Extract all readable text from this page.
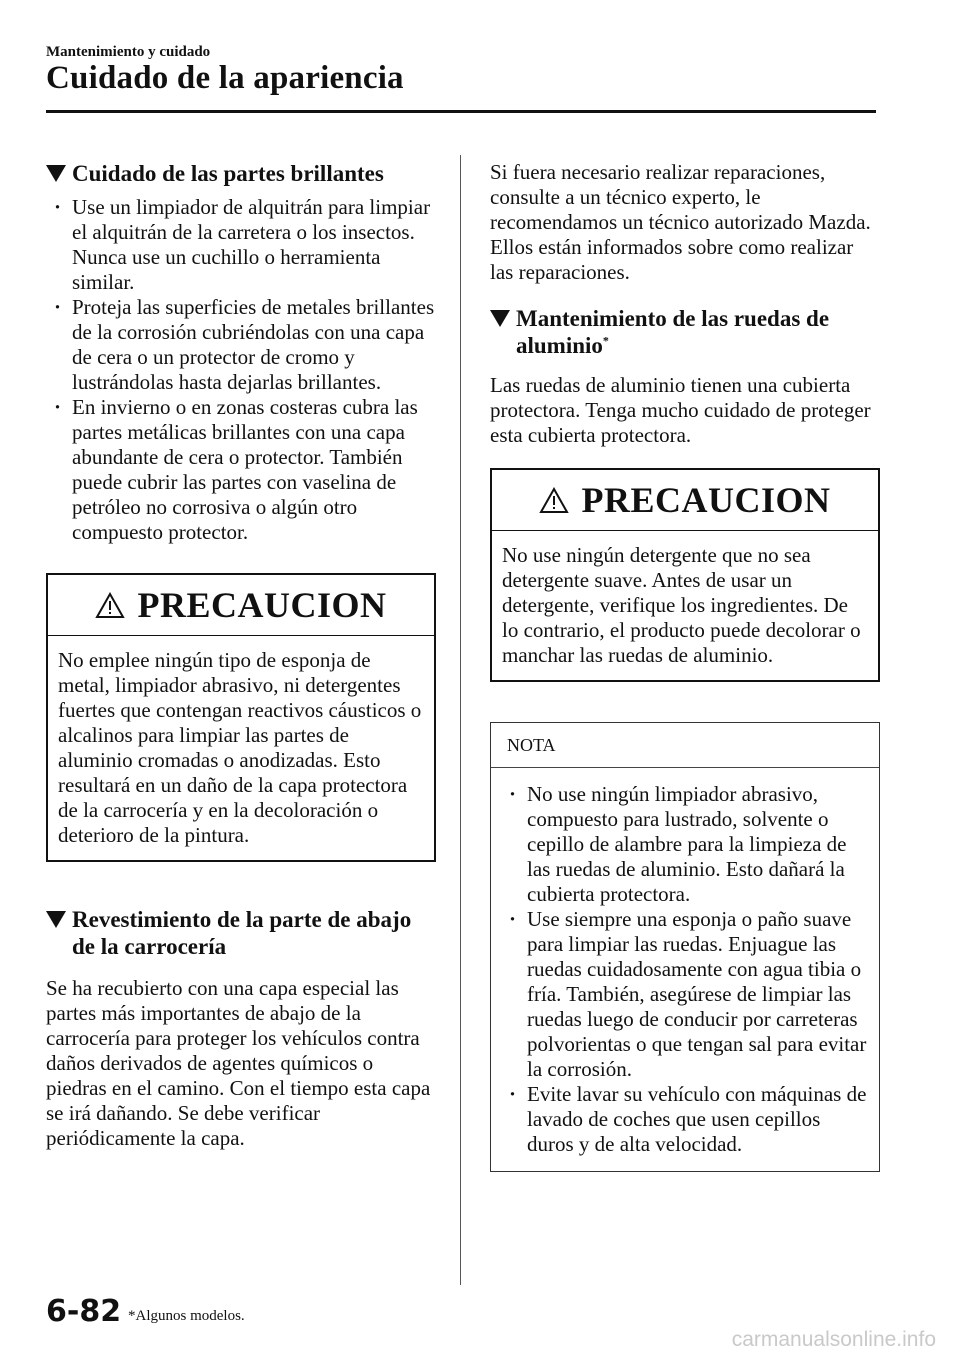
Mantenimiento y cuidado
Cuidado de la apariencia
Cuidado de las partes brillantes
· Use un limpiador de alquitrán para limpiar el alquitrán de la carretera o los insectos. Nunca use un cuchillo o herramienta similar.
· Proteja las superficies de metales brillantes de la corrosión cubriéndolas con una capa de cera o un protector de cromo y lustrándolas hasta dejarlas brillantes.
· En invierno o en zonas costeras cubra las partes metálicas brillantes con una capa abundante de cera o protector. También puede cubrir las partes con vaselina de petróleo no corrosiva o algún otro compuesto protector.
PRECAUCION
No emplee ningún tipo de esponja de metal, limpiador abrasivo, ni detergentes fuertes que contengan reactivos cáusticos o alcalinos para limpiar las partes de aluminio cromadas o anodizadas. Esto resultará en un daño de la capa protectora de la carrocería y en la decoloración o deterioro de la pintura.
Revestimiento de la parte de abajo de la carrocería

Se ha recubierto con una capa especial las partes más importantes de abajo de la carrocería para proteger los vehículos contra daños derivados de agentes químicos o piedras en el camino. Con el tiempo esta capa se irá dañando. Se debe verificar periódicamente la capa.

Si fuera necesario realizar reparaciones, consulte a un técnico experto, le recomendamos un técnico autorizado Mazda. Ellos están informados sobre como realizar las reparaciones.

Mantenimiento de las ruedas de aluminio*

Las ruedas de aluminio tienen una cubierta protectora. Tenga mucho cuidado de proteger esta cubierta protectora.

PRECAUCION
No use ningún detergente que no sea detergente suave. Antes de usar un detergente, verifique los ingredientes. De lo contrario, el producto puede decolorar o manchar las ruedas de aluminio.
NOTA
· No use ningún limpiador abrasivo, compuesto para lustrado, solvente o cepillo de alambre para la limpieza de las ruedas de aluminio. Esto dañará la cubierta protectora.
· Use siempre una esponja o paño suave para limpiar las ruedas. Enjuague las ruedas cuidadosamente con agua tibia o fría. También, asegúrese de limpiar las ruedas luego de conducir por carreteras polvorientas o que tengan sal para evitar la corrosión.
· Evite lavar su vehículo con máquinas de lavado de coches que usen cepillos duros y de alta velocidad.
6-82 *Algunos modelos.
carmanualsonline.info
